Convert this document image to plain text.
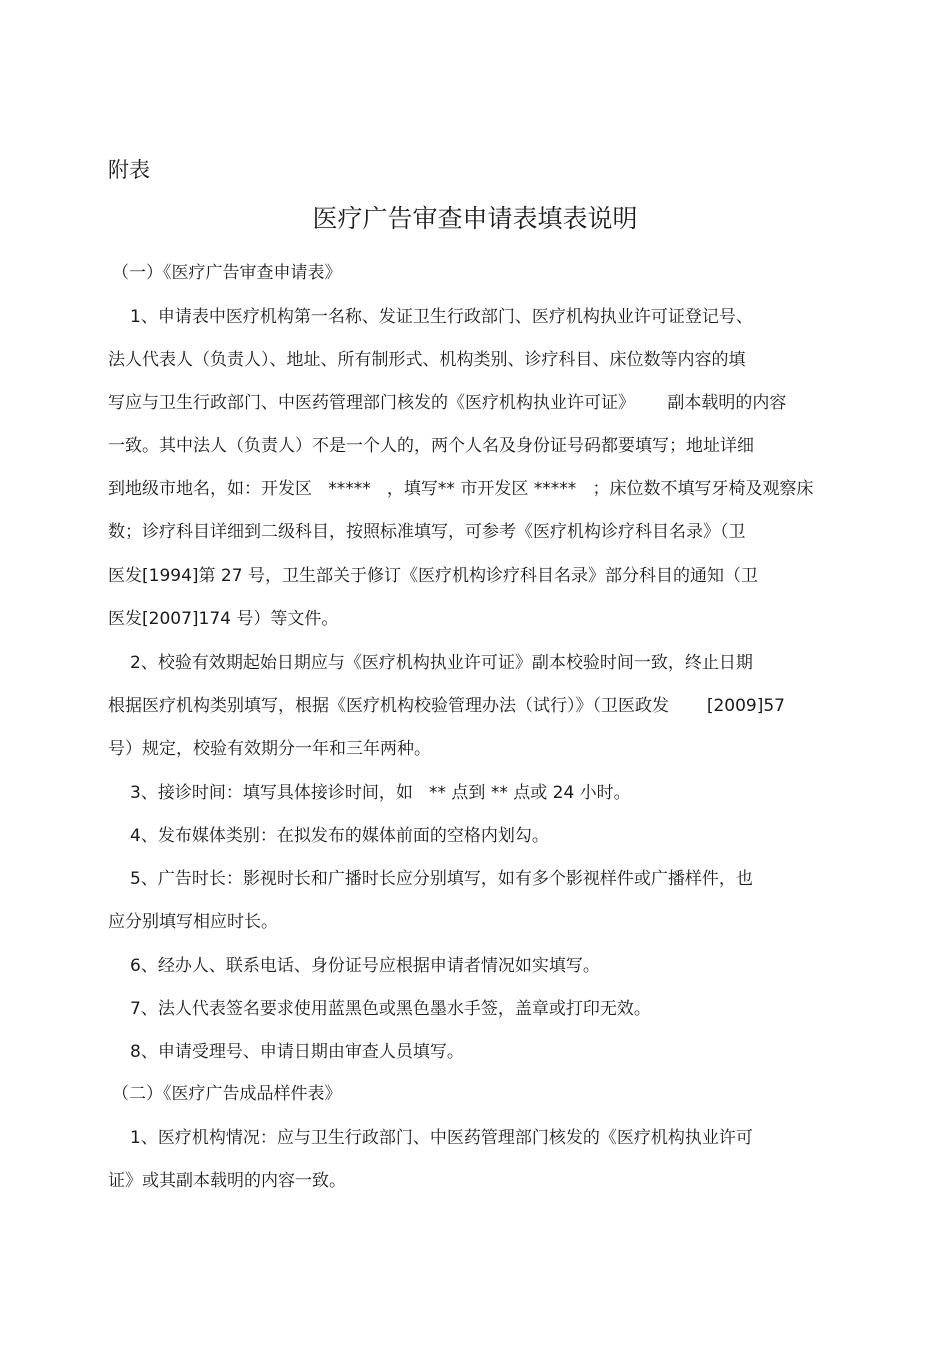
附表
医疗广告审查申请表填表说明
（一）《医疗广告审查申请表》
1、申请表中医疗机构第一名称、发证卫生行政部门、医疗机构执业许可证登记号、
法人代表人（负责人）、地址、所有制形式、机构类别、诊疗科目、床位数等内容的填
写应与卫生行政部门、中医药管理部门核发的《医疗机构执业许可证》      副本载明的内容
一致。其中法人（负责人）不是一个人的，两个人名及身份证号码都要填写；地址详细
到地级市地名，如：开发区   *****   ，填写** 市开发区 *****   ；床位数不填写牙椅及观察床
数；诊疗科目详细到二级科目，按照标准填写，可参考《医疗机构诊疗科目名录》（卫
医发[1994]第 27 号，卫生部关于修订《医疗机构诊疗科目名录》部分科目的通知（卫
医发[2007]174 号）等文件。
2、校验有效期起始日期应与《医疗机构执业许可证》副本校验时间一致，终止日期
根据医疗机构类别填写，根据《医疗机构校验管理办法（试行）》（卫医政发       [2009]57
号）规定，校验有效期分一年和三年两种。
3、接诊时间：填写具体接诊时间，如   ** 点到 ** 点或 24 小时。
4、发布媒体类别：在拟发布的媒体前面的空格内划勾。
5、广告时长：影视时长和广播时长应分别填写，如有多个影视样件或广播样件，也
应分别填写相应时长。
6、经办人、联系电话、身份证号应根据申请者情况如实填写。
7、法人代表签名要求使用蓝黑色或黑色墨水手签，盖章或打印无效。
8、申请受理号、申请日期由审查人员填写。
（二）《医疗广告成品样件表》
1、医疗机构情况：应与卫生行政部门、中医药管理部门核发的《医疗机构执业许可
证》或其副本载明的内容一致。
